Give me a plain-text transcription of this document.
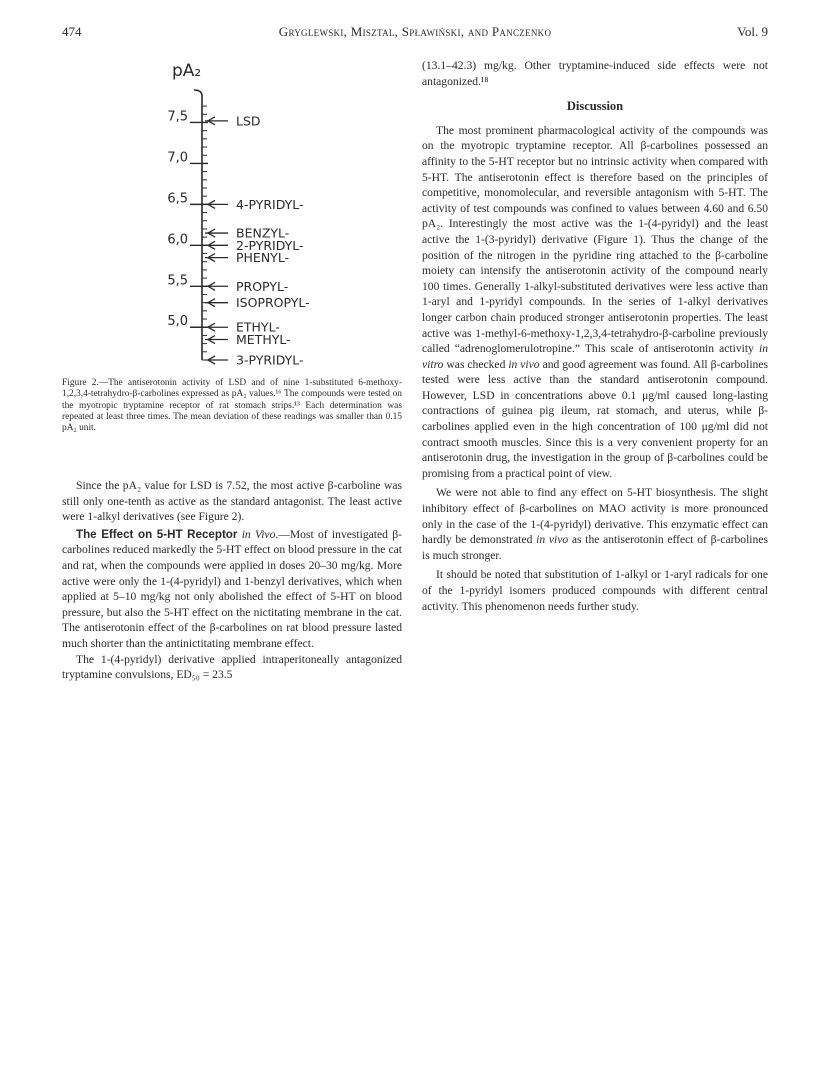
474	Gryglewski, Misztal, Spławiński, and Panczenko	Vol. 9
pA₂
7,5
7,0
6,5
6,0
5,5
5,0
LSD
4-PYRIDYL-
BENZYL-
2-PYRIDYL-
PHENYL-
PROPYL-
ISOPROPYL-
ETHYL-
METHYL-
3-PYRIDYL-

Figure 2.—The antiserotonin activity of LSD and of nine 1-substituted 6-methoxy-1,2,3,4-tetrahydro-β-carbolines expressed as pA₂ values.¹⁶ The compounds were tested on the myotropic tryptamine receptor of rat stomach strips.¹³ Each determination was repeated at least three times. The mean deviation of these readings was smaller than 0.15 pA₂ unit.

Since the pA₂ value for LSD is 7.52, the most active β-carboline was still only one-tenth as active as the standard antagonist. The least active were 1-alkyl derivatives (see Figure 2).

The Effect on 5-HT Receptor in Vivo.—Most of investigated β-carbolines reduced markedly the 5-HT effect on blood pressure in the cat and rat, when the compounds were applied in doses 20–30 mg/kg. More active were only the 1-(4-pyridyl) and 1-benzyl derivatives, which when applied at 5–10 mg/kg not only abolished the effect of 5-HT on blood pressure, but also the 5-HT effect on the nictitating membrane in the cat. The antiserotonin effect of the β-carbolines on rat blood pressure lasted much shorter than the antinictitating membrane effect.

The 1-(4-pyridyl) derivative applied intraperitoneally antagonized tryptamine convulsions, ED₅₀ = 23.5

(13.1–42.3) mg/kg. Other tryptamine-induced side effects were not antagonized.¹⁸

Discussion

The most prominent pharmacological activity of the compounds was on the myotropic tryptamine receptor. All β-carbolines possessed an affinity to the 5-HT receptor but no intrinsic activity when compared with 5-HT. The antiserotonin effect is therefore based on the principles of competitive, monomolecular, and reversible antagonism with 5-HT. The activity of test compounds was confined to values between 4.60 and 6.50 pA₂. Interestingly the most active was the 1-(4-pyridyl) and the least active the 1-(3-pyridyl) derivative (Figure 1). Thus the change of the position of the nitrogen in the pyridine ring attached to the β-carboline moiety can intensify the antiserotonin activity of the compound nearly 100 times. Generally 1-alkyl-substituted derivatives were less active than 1-aryl and 1-pyridyl compounds. In the series of 1-alkyl derivatives longer carbon chain produced stronger antiserotonin properties. The least active was 1-methyl-6-methoxy-1,2,3,4-tetrahydro-β-carboline previously called “adrenoglomerulotropine.” This scale of antiserotonin activity in vitro was checked in vivo and good agreement was found. All β-carbolines tested were less active than the standard antiserotonin compound. However, LSD in concentrations above 0.1 μg/ml caused long-lasting contractions of guinea pig ileum, rat stomach, and uterus, while β-carbolines applied even in the high concentration of 100 μg/ml did not contract smooth muscles. Since this is a very convenient property for an antiserotonin drug, the investigation in the group of β-carbolines could be promising from a practical point of view.

We were not able to find any effect on 5-HT biosynthesis. The slight inhibitory effect of β-carbolines on MAO activity is more pronounced only in the case of the 1-(4-pyridyl) derivative. This enzymatic effect can hardly be demonstrated in vivo as the antiserotonin effect of β-carbolines is much stronger.

It should be noted that substitution of 1-alkyl or 1-aryl radicals for one of the 1-pyridyl isomers produced compounds with different central activity. This phenomenon needs further study.
